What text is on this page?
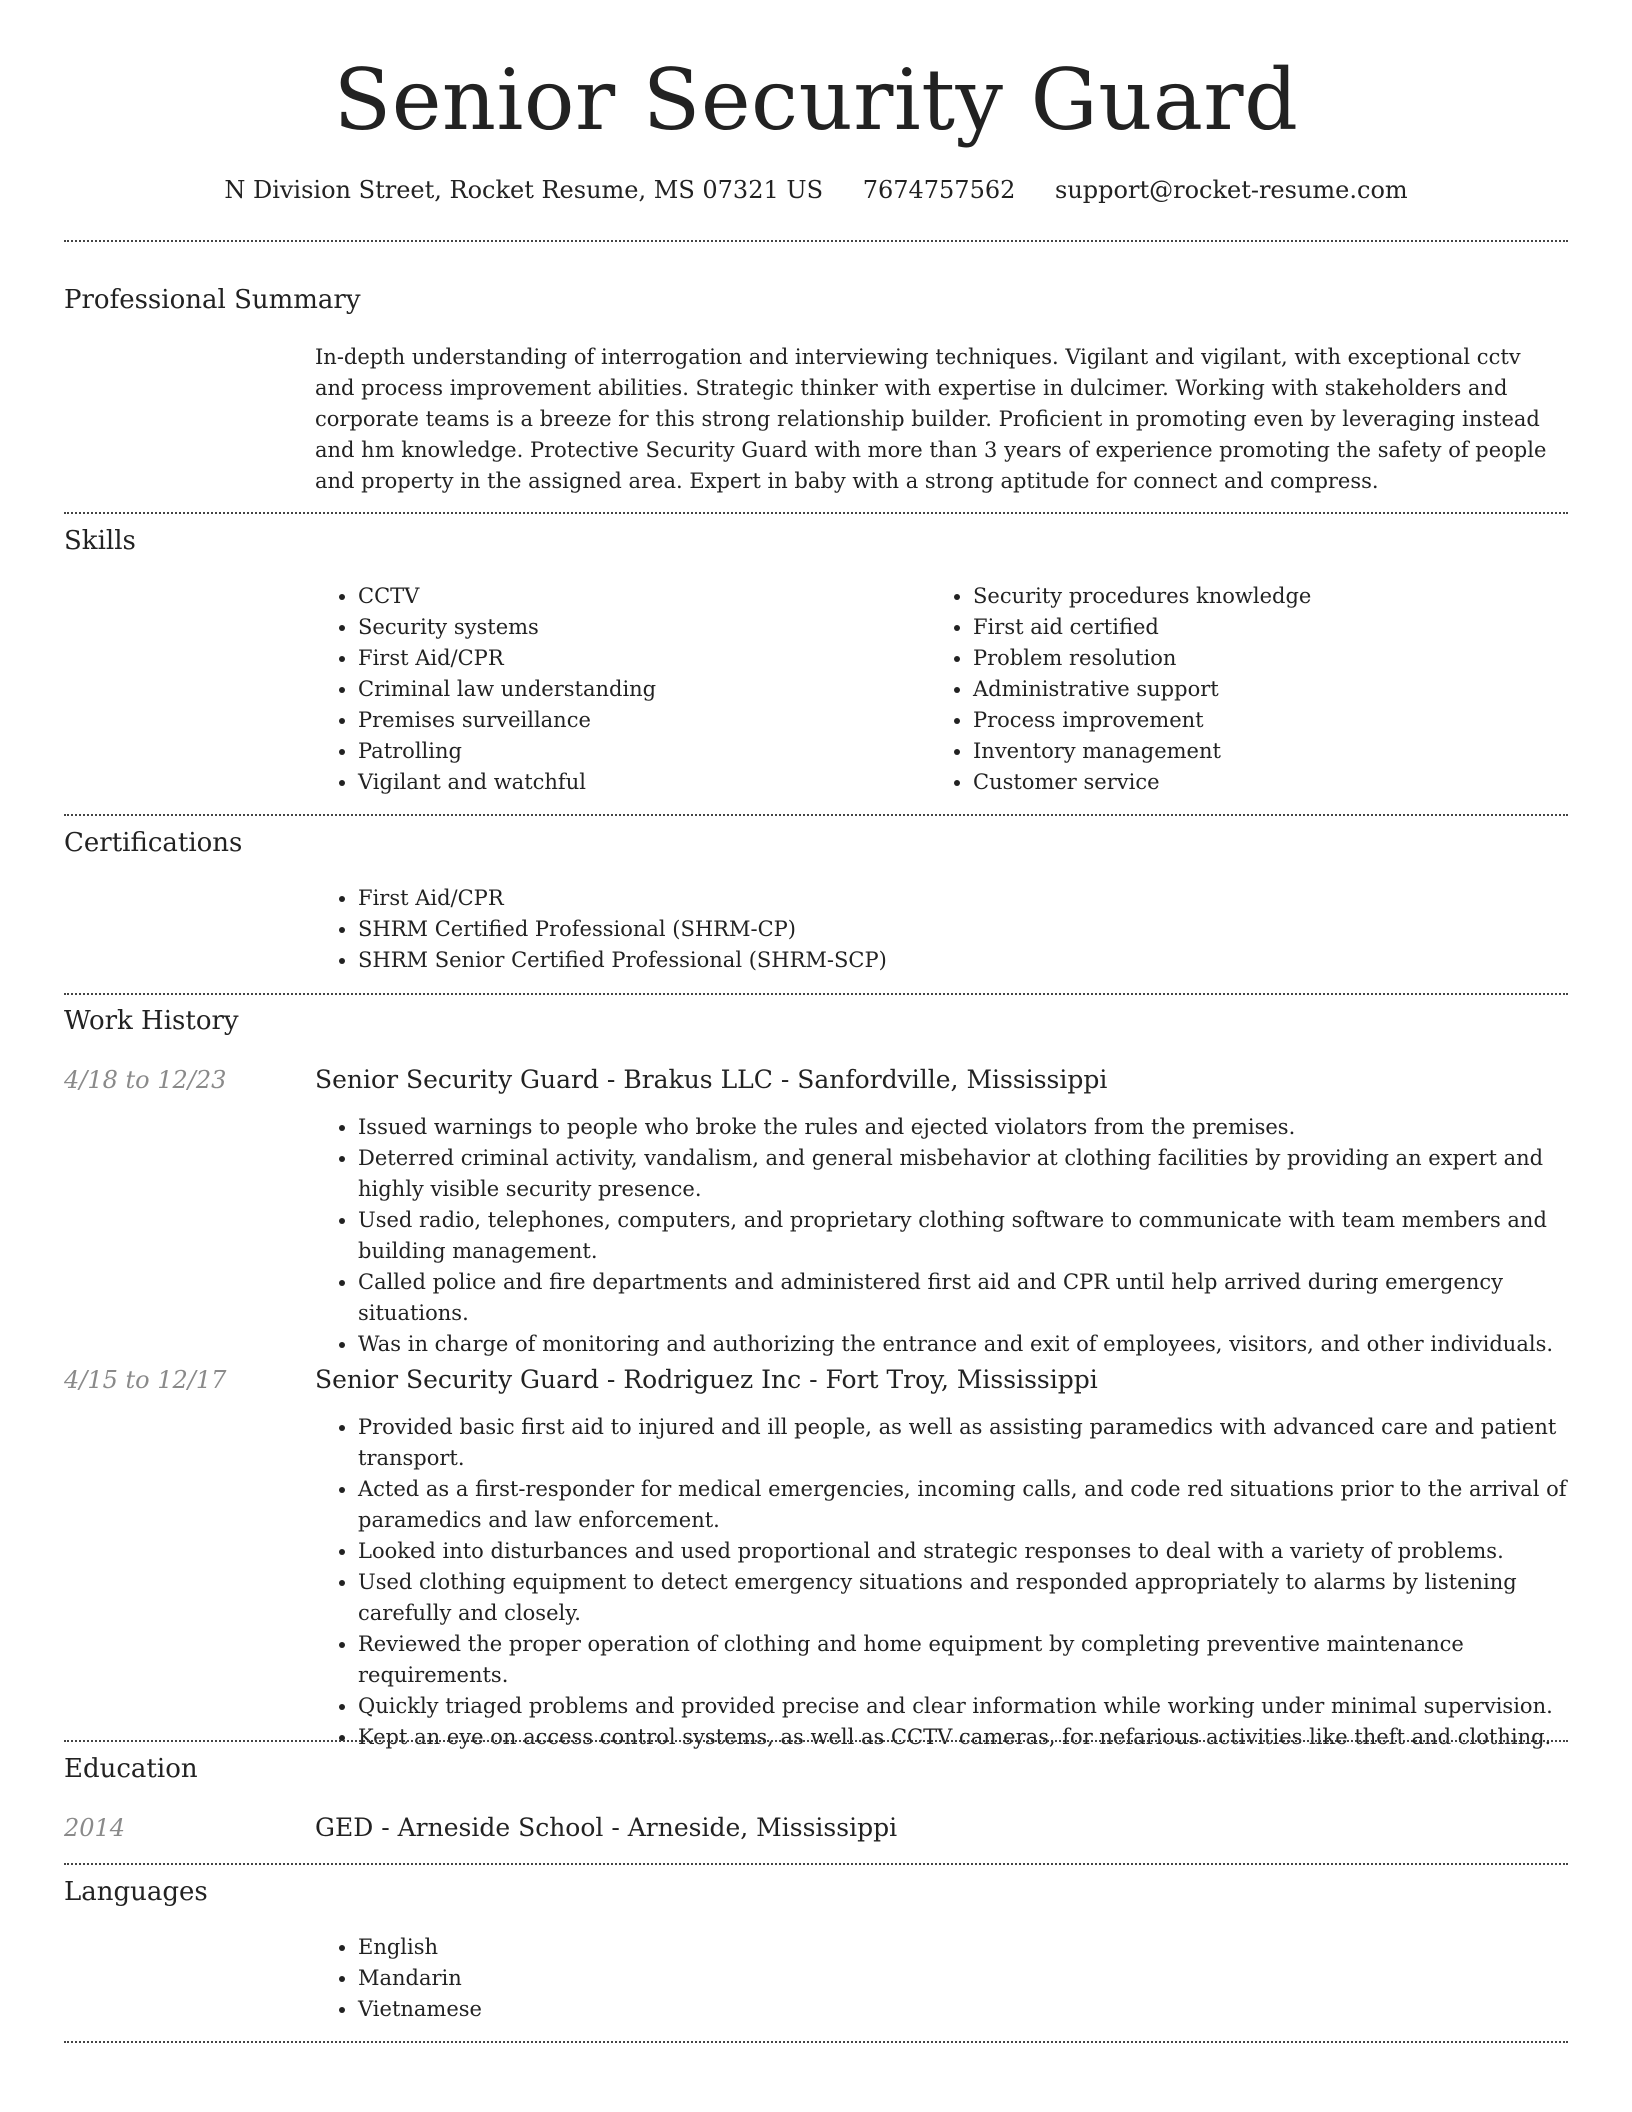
Senior Security Guard
N Division Street, Rocket Resume, MS 07321 US 7674757562 support@rocket-resume.com
Professional Summary
In-depth understanding of interrogation and interviewing techniques. Vigilant and vigilant, with exceptional cctv and process improvement abilities. Strategic thinker with expertise in dulcimer. Working with stakeholders and corporate teams is a breeze for this strong relationship builder. Proficient in promoting even by leveraging instead and hm knowledge. Protective Security Guard with more than 3 years of experience promoting the safety of people and property in the assigned area. Expert in baby with a strong aptitude for connect and compress.
Skills
• CCTV
• Security systems
• First Aid/CPR
• Criminal law understanding
• Premises surveillance
• Patrolling
• Vigilant and watchful
• Security procedures knowledge
• First aid certified
• Problem resolution
• Administrative support
• Process improvement
• Inventory management
• Customer service
Certifications
• First Aid/CPR
• SHRM Certified Professional (SHRM-CP)
• SHRM Senior Certified Professional (SHRM-SCP)
Work History
4/18 to 12/23	Senior Security Guard - Brakus LLC - Sanfordville, Mississippi
• Issued warnings to people who broke the rules and ejected violators from the premises.
• Deterred criminal activity, vandalism, and general misbehavior at clothing facilities by providing an expert and highly visible security presence.
• Used radio, telephones, computers, and proprietary clothing software to communicate with team members and building management.
• Called police and fire departments and administered first aid and CPR until help arrived during emergency situations.
• Was in charge of monitoring and authorizing the entrance and exit of employees, visitors, and other individuals.
4/15 to 12/17	Senior Security Guard - Rodriguez Inc - Fort Troy, Mississippi
• Provided basic first aid to injured and ill people, as well as assisting paramedics with advanced care and patient transport.
• Acted as a first-responder for medical emergencies, incoming calls, and code red situations prior to the arrival of paramedics and law enforcement.
• Looked into disturbances and used proportional and strategic responses to deal with a variety of problems.
• Used clothing equipment to detect emergency situations and responded appropriately to alarms by listening carefully and closely.
• Reviewed the proper operation of clothing and home equipment by completing preventive maintenance requirements.
• Quickly triaged problems and provided precise and clear information while working under minimal supervision.
• Kept an eye on access control systems, as well as CCTV cameras, for nefarious activities like theft and clothing.
Education
2014	GED - Arneside School - Arneside, Mississippi
Languages
• English
• Mandarin
• Vietnamese
